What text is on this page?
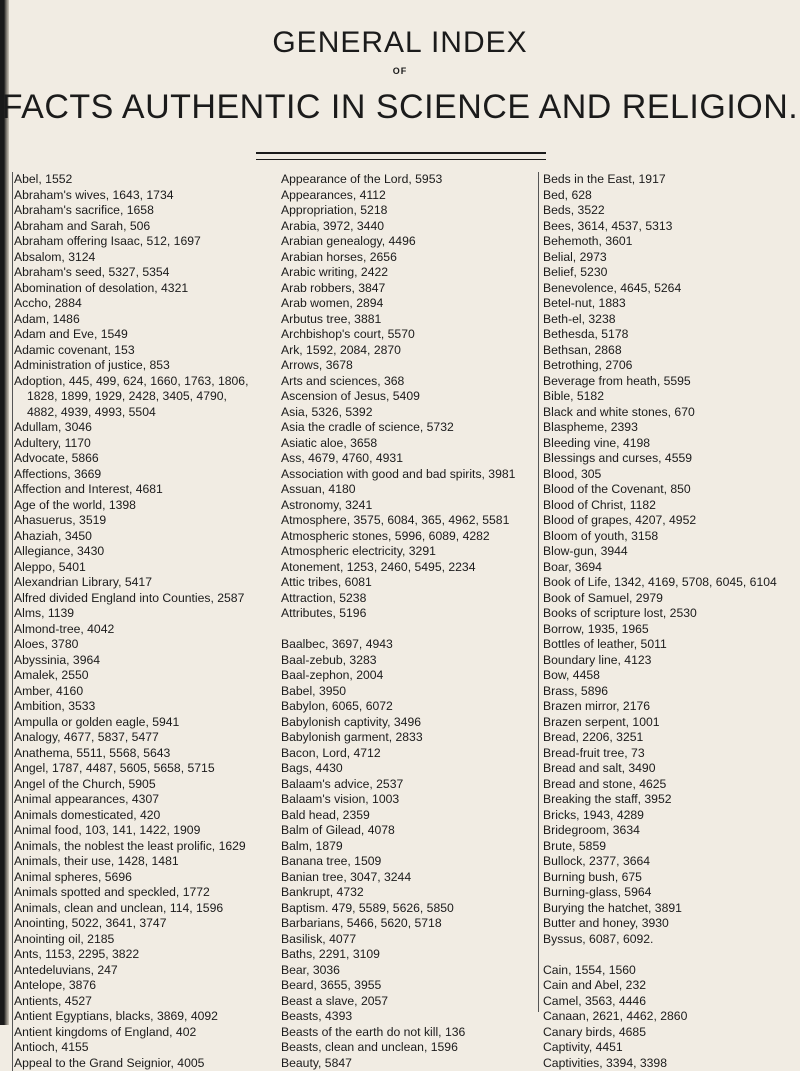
GENERAL INDEX
OF
FACTS AUTHENTIC IN SCIENCE AND RELIGION.
Abel, 1552
Abraham's wives, 1643, 1734
Abraham's sacrifice, 1658
Abraham and Sarah, 506
Abraham offering Isaac, 512, 1697
Absalom, 3124
Abraham's seed, 5327, 5354
Abomination of desolation, 4321
Accho, 2884
Adam, 1486
Adam and Eve, 1549
Adamic covenant, 153
Administration of justice, 853
Adoption, 445, 499, 624, 1660, 1763, 1806,
1828, 1899, 1929, 2428, 3405, 4790,
4882, 4939, 4993, 5504
Adullam, 3046
Adultery, 1170
Advocate, 5866
Affections, 3669
Affection and Interest, 4681
Age of the world, 1398
Ahasuerus, 3519
Ahaziah, 3450
Allegiance, 3430
Aleppo, 5401
Alexandrian Library, 5417
Alfred divided England into Counties, 2587
Alms, 1139
Almond-tree, 4042
Aloes, 3780
Abyssinia, 3964
Amalek, 2550
Amber, 4160
Ambition, 3533
Ampulla or golden eagle, 5941
Analogy, 4677, 5837, 5477
Anathema, 5511, 5568, 5643
Angel, 1787, 4487, 5605, 5658, 5715
Angel of the Church, 5905
Animal appearances, 4307
Animals domesticated, 420
Animal food, 103, 141, 1422, 1909
Animals, the noblest the least prolific, 1629
Animals, their use, 1428, 1481
Animal spheres, 5696
Animals spotted and speckled, 1772
Animals, clean and unclean, 114, 1596
Anointing, 5022, 3641, 3747
Anointing oil, 2185
Ants, 1153, 2295, 3822
Antedeluvians, 247
Antelope, 3876
Antients, 4527
Antient Egyptians, blacks, 3869, 4092
Antient kingdoms of England, 402
Antioch, 4155
Appeal to the Grand Seignior, 4005
Appearance of the Lord, 5953
Appearances, 4112
Appropriation, 5218
Arabia, 3972, 3440
Arabian genealogy, 4496
Arabian horses, 2656
Arabic writing, 2422
Arab robbers, 3847
Arab women, 2894
Arbutus tree, 3881
Archbishop's court, 5570
Ark, 1592, 2084, 2870
Arrows, 3678
Arts and sciences, 368
Ascension of Jesus, 5409
Asia, 5326, 5392
Asia the cradle of science, 5732
Asiatic aloe, 3658
Ass, 4679, 4760, 4931
Association with good and bad spirits, 3981
Assuan, 4180
Astronomy, 3241
Atmosphere, 3575, 6084, 365, 4962, 5581
Atmospheric stones, 5996, 6089, 4282
Atmospheric electricity, 3291
Atonement, 1253, 2460, 5495, 2234
Attic tribes, 6081
Attraction, 5238
Attributes, 5196
Baalbec, 3697, 4943
Baal-zebub, 3283
Baal-zephon, 2004
Babel, 3950
Babylon, 6065, 6072
Babylonish captivity, 3496
Babylonish garment, 2833
Bacon, Lord, 4712
Bags, 4430
Balaam's advice, 2537
Balaam's vision, 1003
Bald head, 2359
Balm of Gilead, 4078
Balm, 1879
Banana tree, 1509
Banian tree, 3047, 3244
Bankrupt, 4732
Baptism. 479, 5589, 5626, 5850
Barbarians, 5466, 5620, 5718
Basilisk, 4077
Baths, 2291, 3109
Bear, 3036
Beard, 3655, 3955
Beast a slave, 2057
Beasts, 4393
Beasts of the earth do not kill, 136
Beasts, clean and unclean, 1596
Beauty, 5847
Beds in the East, 1917
Bed, 628
Beds, 3522
Bees, 3614, 4537, 5313
Behemoth, 3601
Belial, 2973
Belief, 5230
Benevolence, 4645, 5264
Betel-nut, 1883
Beth-el, 3238
Bethesda, 5178
Bethsan, 2868
Betrothing, 2706
Beverage from heath, 5595
Bible, 5182
Black and white stones, 670
Blaspheme, 2393
Bleeding vine, 4198
Blessings and curses, 4559
Blood, 305
Blood of the Covenant, 850
Blood of Christ, 1182
Blood of grapes, 4207, 4952
Bloom of youth, 3158
Blow-gun, 3944
Boar, 3694
Book of Life, 1342, 4169, 5708, 6045, 6104
Book of Samuel, 2979
Books of scripture lost, 2530
Borrow, 1935, 1965
Bottles of leather, 5011
Boundary line, 4123
Bow, 4458
Brass, 5896
Brazen mirror, 2176
Brazen serpent, 1001
Bread, 2206, 3251
Bread-fruit tree, 73
Bread and salt, 3490
Bread and stone, 4625
Breaking the staff, 3952
Bricks, 1943, 4289
Bridegroom, 3634
Brute, 5859
Bullock, 2377, 3664
Burning bush, 675
Burning-glass, 5964
Burying the hatchet, 3891
Butter and honey, 3930
Byssus, 6087, 6092.
Cain, 1554, 1560
Cain and Abel, 232
Camel, 3563, 4446
Canaan, 2621, 4462, 2860
Canary birds, 4685
Captivity, 4451
Captivities, 3394, 3398
